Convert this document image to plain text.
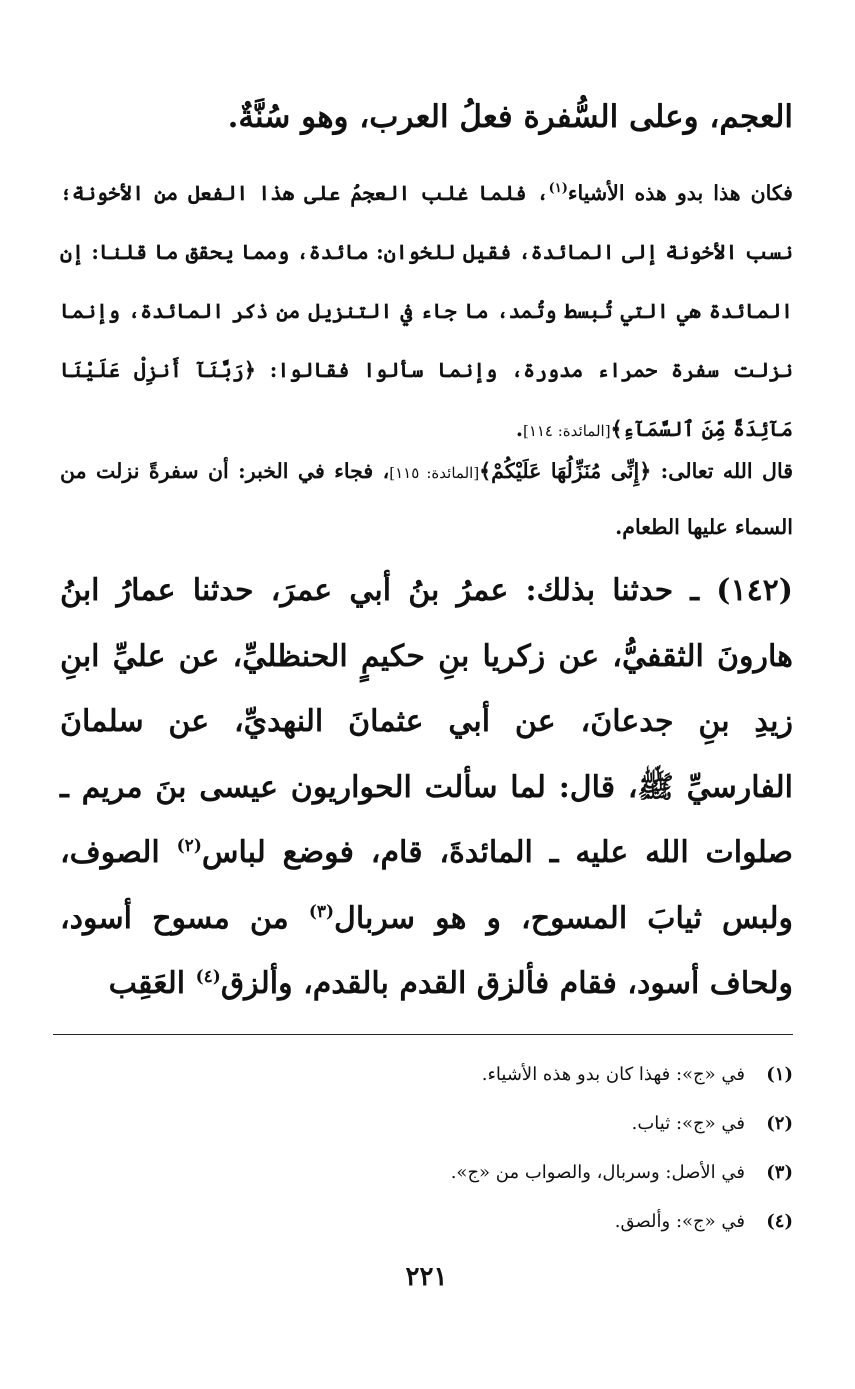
العجم، وعلى السُّفرة فعلُ العرب، وهو سُنَّةٌ.

فكان هذا بدو هذه الأشياء$^{(١)}$، فلما غلب العجمُ على هذا الفعل من الأخونة؛ نسب الأخونة إلى المائدة، فقيل للخوان: مائدة، ومما يحقق ما قلنا: إن المائدة هي التي تُبسط وتُمد، ما جاء في التنزيل من ذكر المائدة، وإنما نزلت سفرة حمراء مدورة، وإنما سألوا فقالوا: ﴿رَبَّنَآ أَنزِلْ عَلَيْنَا مَآئِدَةً مِّنَ ٱلسَّمَآءِ﴾[المائدة: ١١٤].

قال الله تعالى: ﴿إِنِّى مُنَزِّلُهَا عَلَيْكُمْ﴾[المائدة: ١١٥]، فجاء في الخبر: أن سفرةً نزلت من السماء عليها الطعام.

(١٤٢) ـ حدثنا بذلك: عمرُ بنُ أبي عمرَ، حدثنا عمارُ ابنُ هارونَ الثقفيُّ، عن زكريا بنِ حكيمٍ الحنظليِّ، عن عليِّ ابنِ زيدِ بنِ جدعانَ، عن أبي عثمانَ النهديِّ، عن سلمانَ الفارسيِّ ﷺ، قال: لما سألت الحواريون عيسى بنَ مريم ـ صلوات الله عليه ـ المائدةَ، قام، فوضع لباس$^{(٢)}$ الصوف، ولبس ثيابَ المسوح، و هو سربال$^{(٣)}$ من مسوح أسود، ولحاف أسود، فقام فألزق القدم بالقدم، وألزق$^{(٤)}$ العَقِب

(١)في «ج»: فهذا كان بدو هذه الأشياء.
(٢)في «ج»: ثياب.
(٣)في الأصل: وسربال، والصواب من «ج».
(٤)في «ج»: وألصق.
٢٢١
